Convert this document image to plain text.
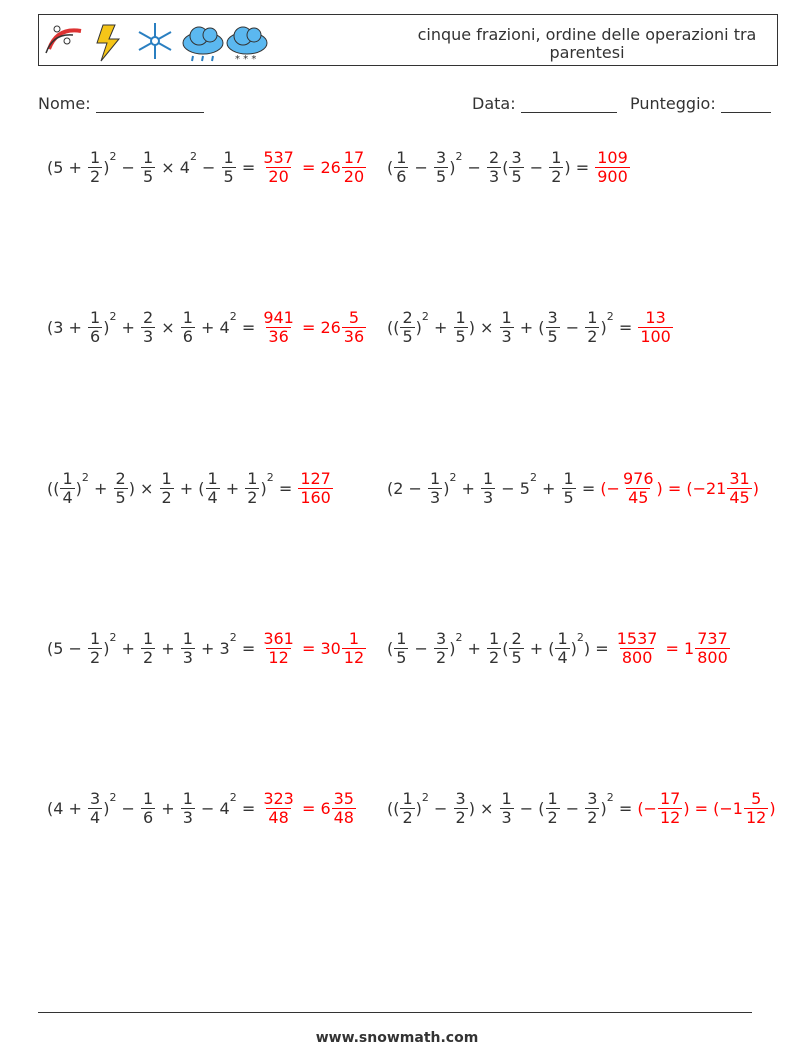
* * *
cinque frazioni, ordine delle operazioni tra parentesi
Nome:	Data:	Punteggio:
$(5 + \frac{1}{2} )^2 - \frac{1}{5} \times 4^2 - \frac{1}{5} = \frac{537}{20} = 26 \frac{17}{20}$ ( $\frac{1}{6} - \frac{3}{5} )^2 - \frac{2}{3}$ ( $\frac{3}{5} - \frac{1}{2}$ ) = $\frac{109}{900}$
$(3 + \frac{1}{6} )^2 + \frac{2}{3} \times \frac{1}{6} + 4^2 = \frac{941}{36} = 26 \frac{5}{36}$ (( $\frac{2}{5} )^2 + \frac{1}{5}$ ) × $\frac{1}{3}$ + ( $\frac{3}{5} - \frac{1}{2} )^2 = \frac{13}{100}$
(( $\frac{1}{4} )^2 + \frac{2}{5}$ ) × $\frac{1}{2}$ + ( $\frac{1}{4} + \frac{1}{2} )^2 = \frac{127}{160}$	$(2 - \frac{1}{3} )^2 + \frac{1}{3} - 5^2 + \frac{1}{5}$ = (− $\frac{976}{45}$ ) = ($-21 \frac{31}{45}$ )
$(5 - \frac{1}{2} )^2 + \frac{1}{2} + \frac{1}{3} + 3^2 = \frac{361}{12} = 30 \frac{1}{12}$ ( $\frac{1}{5} - \frac{3}{2} )^2 + \frac{1}{2}$ ( $\frac{2}{5}$ + ( $\frac{1}{4} )^2) = \frac{1537}{800} = 1 \frac{737}{800}$
$(4 + \frac{3}{4} )^2 - \frac{1}{6} + \frac{1}{3} - 4^2 = \frac{323}{48} = 6 \frac{35}{48}$ (( $\frac{1}{2} )^2 - \frac{3}{2}$ ) × $\frac{1}{3}$ − ( $\frac{1}{2} - \frac{3}{2} )^2$ = (− $\frac{17}{12}$ ) = ($-1 \frac{5}{12}$ )
www.snowmath.com
